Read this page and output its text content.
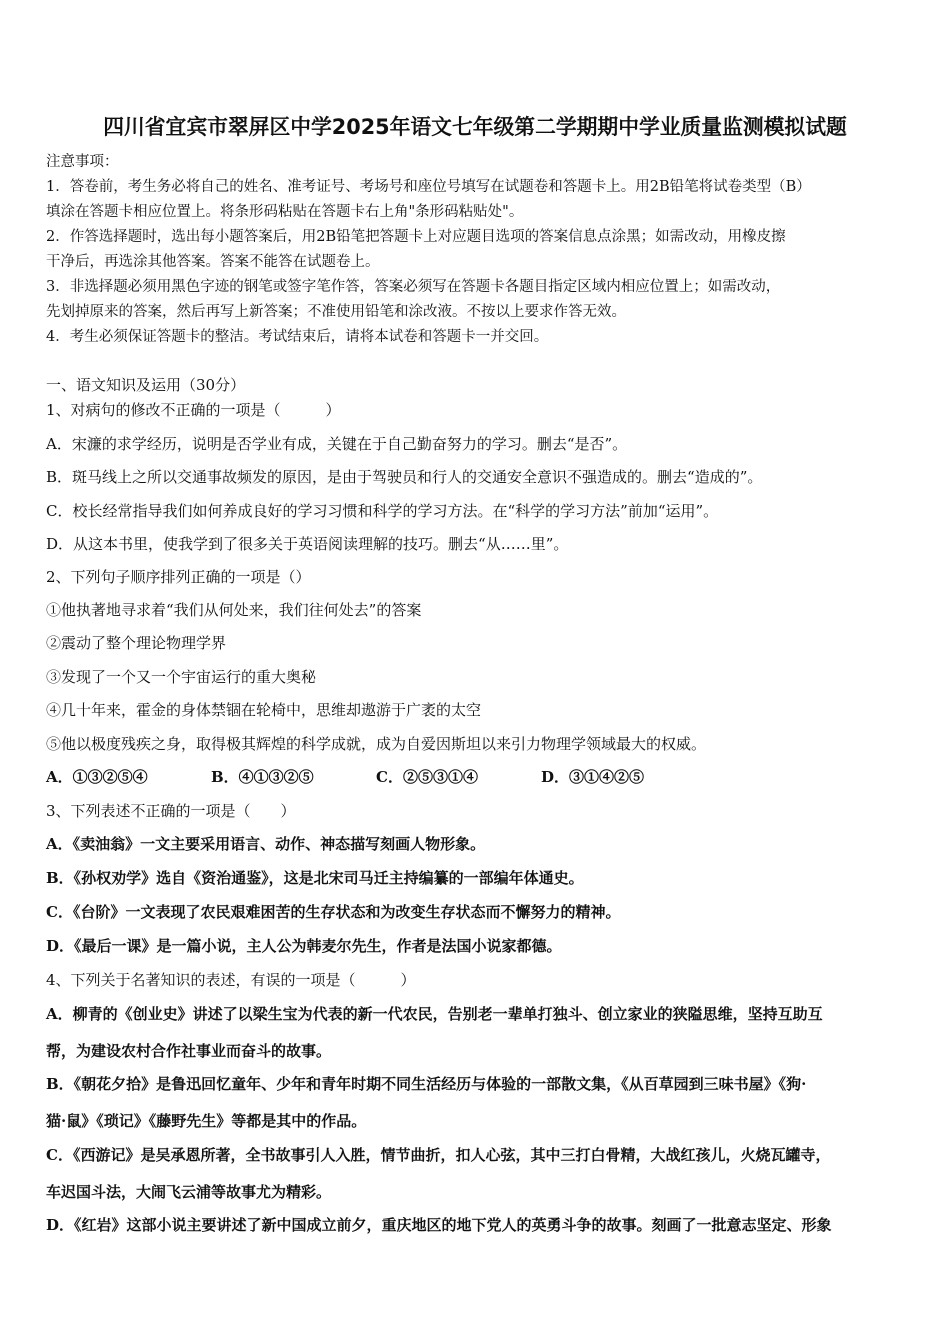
四川省宜宾市翠屏区中学2025年语文七年级第二学期期中学业质量监测模拟试题
注意事项：
1．答卷前，考生务必将自己的姓名、准考证号、考场号和座位号填写在试题卷和答题卡上。用2B铅笔将试卷类型（B）
填涂在答题卡相应位置上。将条形码粘贴在答题卡右上角"条形码粘贴处"。
2．作答选择题时，选出每小题答案后，用2B铅笔把答题卡上对应题目选项的答案信息点涂黑；如需改动，用橡皮擦
干净后，再选涂其他答案。答案不能答在试题卷上。
3．非选择题必须用黑色字迹的钢笔或签字笔作答，答案必须写在答题卡各题目指定区域内相应位置上；如需改动，
先划掉原来的答案，然后再写上新答案；不准使用铅笔和涂改液。不按以上要求作答无效。
4．考生必须保证答题卡的整洁。考试结束后，请将本试卷和答题卡一并交回。
一、语文知识及运用（30分）
1、对病句的修改不正确的一项是（　　　）
A．宋濂的求学经历，说明是否学业有成，关键在于自己勤奋努力的学习。删去“是否”。
B．斑马线上之所以交通事故频发的原因，是由于驾驶员和行人的交通安全意识不强造成的。删去“造成的”。
C．校长经常指导我们如何养成良好的学习习惯和科学的学习方法。在“科学的学习方法”前加“运用”。
D．从这本书里，使我学到了很多关于英语阅读理解的技巧。删去“从……里”。
2、下列句子顺序排列正确的一项是（）
①他执著地寻求着“我们从何处来，我们往何处去”的答案
②震动了整个理论物理学界
③发现了一个又一个宇宙运行的重大奥秘
④几十年来，霍金的身体禁锢在轮椅中，思维却遨游于广袤的太空
⑤他以极度残疾之身，取得极其辉煌的科学成就，成为自爱因斯坦以来引力物理学领域最大的权威。
A．①③②⑤④	B．④①③②⑤	C．②⑤③①④	D．③①④②⑤
3、下列表述不正确的一项是（　　）
A．《卖油翁》一文主要采用语言、动作、神态描写刻画人物形象。
B．《孙权劝学》选自《资治通鉴》，这是北宋司马迁主持编纂的一部编年体通史。
C．《台阶》一文表现了农民艰难困苦的生存状态和为改变生存状态而不懈努力的精神。
D．《最后一课》是一篇小说，主人公为韩麦尔先生，作者是法国小说家都德。
4、下列关于名著知识的表述，有误的一项是（　　　）
A．柳青的《创业史》讲述了以梁生宝为代表的新一代农民，告别老一辈单打独斗、创立家业的狭隘思维，坚持互助互
帮，为建设农村合作社事业而奋斗的故事。
B．《朝花夕拾》是鲁迅回忆童年、少年和青年时期不同生活经历与体验的一部散文集，《从百草园到三味书屋》《狗·
猫·鼠》《琐记》《藤野先生》等都是其中的作品。
C．《西游记》是吴承恩所著，全书故事引人入胜，情节曲折，扣人心弦，其中三打白骨精，大战红孩儿，火烧瓦罐寺，
车迟国斗法，大闹飞云浦等故事尤为精彩。
D．《红岩》这部小说主要讲述了新中国成立前夕，重庆地区的地下党人的英勇斗争的故事。刻画了一批意志坚定、形象
